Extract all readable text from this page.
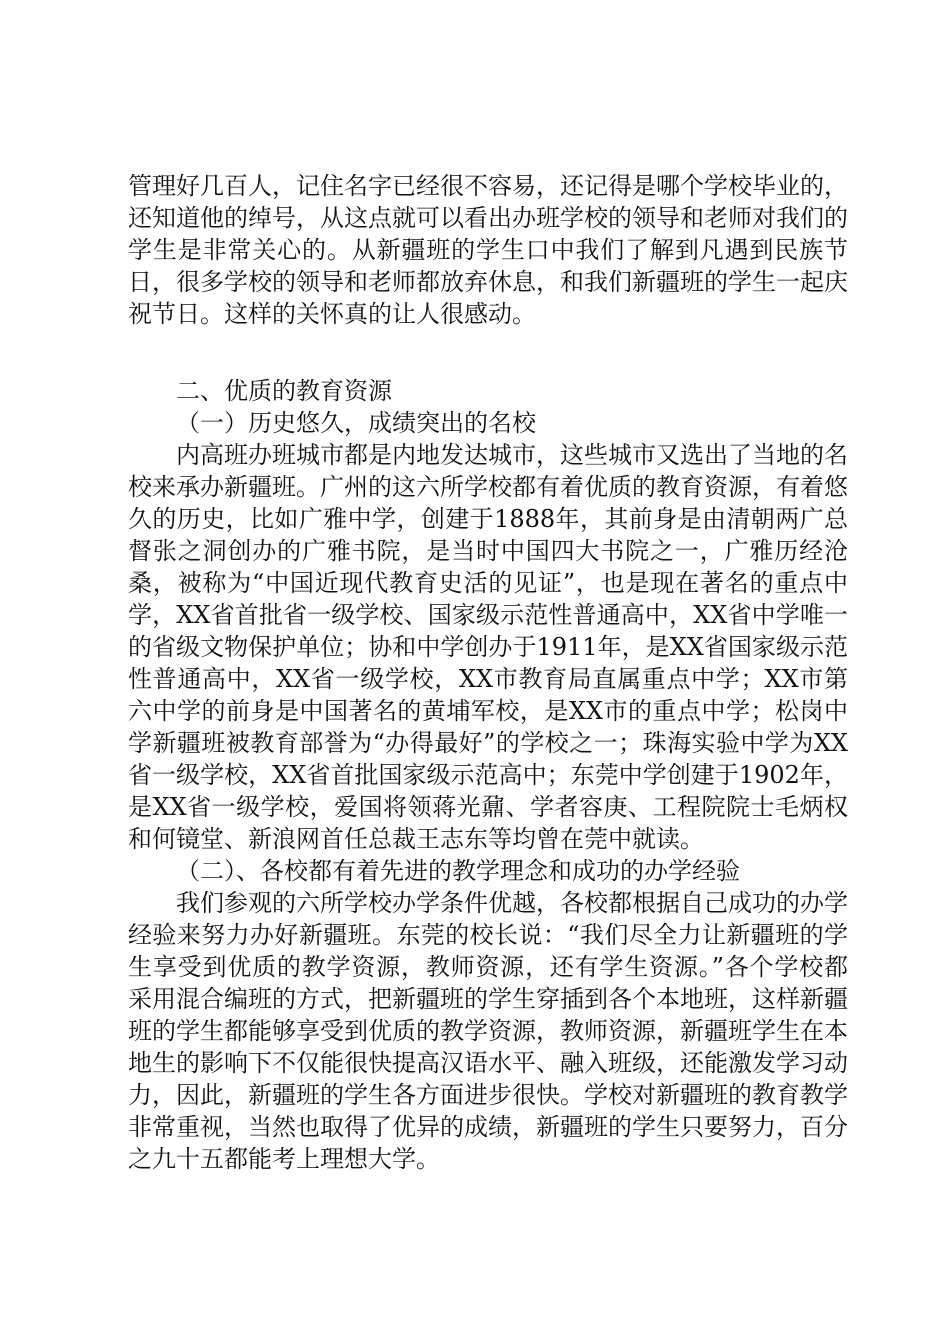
管理好几百人，记住名字已经很不容易，还记得是哪个学校毕业的，还知道他的绰号，从这点就可以看出办班学校的领导和老师对我们的学生是非常关心的。从新疆班的学生口中我们了解到凡遇到民族节日，很多学校的领导和老师都放弃休息，和我们新疆班的学生一起庆祝节日。这样的关怀真的让人很感动。

二、优质的教育资源

（一）历史悠久，成绩突出的名校

内高班办班城市都是内地发达城市，这些城市又选出了当地的名校来承办新疆班。广州的这六所学校都有着优质的教育资源，有着悠久的历史，比如广雅中学，创建于1888年，其前身是由清朝两广总督张之洞创办的广雅书院，是当时中国四大书院之一，广雅历经沧桑，被称为“中国近现代教育史活的见证”，也是现在著名的重点中学，XX省首批省一级学校、国家级示范性普通高中，XX省中学唯一的省级文物保护单位；协和中学创办于1911年，是XX省国家级示范性普通高中，XX省一级学校，XX市教育局直属重点中学；XX市第六中学的前身是中国著名的黄埔军校，是XX市的重点中学；松岗中学新疆班被教育部誉为“办得最好”的学校之一；珠海实验中学为XX省一级学校，XX省首批国家级示范高中；东莞中学创建于1902年，是XX省一级学校，爱国将领蒋光鼐、学者容庚、工程院院士毛炳权和何镜堂、新浪网首任总裁王志东等均曾在莞中就读。

（二）、各校都有着先进的教学理念和成功的办学经验

我们参观的六所学校办学条件优越，各校都根据自己成功的办学经验来努力办好新疆班。东莞的校长说：“我们尽全力让新疆班的学生享受到优质的教学资源，教师资源，还有学生资源。”各个学校都采用混合编班的方式，把新疆班的学生穿插到各个本地班，这样新疆班的学生都能够享受到优质的教学资源，教师资源，新疆班学生在本地生的影响下不仅能很快提高汉语水平、融入班级，还能激发学习动力，因此，新疆班的学生各方面进步很快。学校对新疆班的教育教学非常重视，当然也取得了优异的成绩，新疆班的学生只要努力，百分之九十五都能考上理想大学。
